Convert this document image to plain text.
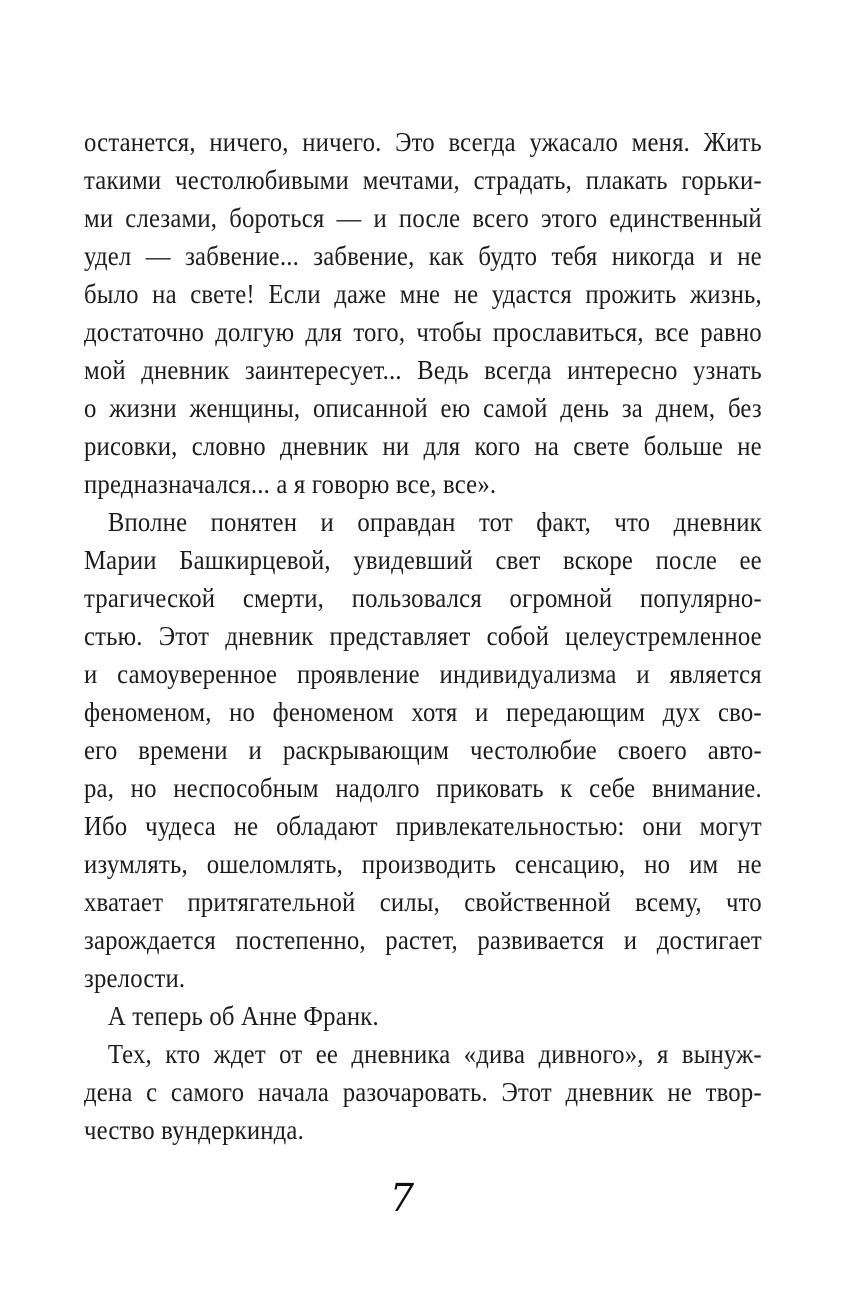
останется, ничего, ничего. Это всегда ужасало меня. Жить
такими честолюбивыми мечтами, страдать, плакать горьки-
ми слезами, бороться — и после всего этого единственный
удел — забвение... забвение, как будто тебя никогда и не
было на свете! Если даже мне не удастся прожить жизнь,
достаточно долгую для того, чтобы прославиться, все равно
мой дневник заинтересует... Ведь всегда интересно узнать
о жизни женщины, описанной ею самой день за днем, без
рисовки, словно дневник ни для кого на свете больше не
предназначался... а я говорю все, все».
Вполне понятен и оправдан тот факт, что дневник
Марии Башкирцевой, увидевший свет вскоре после ее
трагической смерти, пользовался огромной популярно-
стью. Этот дневник представляет собой целеустремленное
и самоуверенное проявление индивидуализма и является
феноменом, но феноменом хотя и передающим дух сво-
его времени и раскрывающим честолюбие своего авто-
ра, но неспособным надолго приковать к себе внимание.
Ибо чудеса не обладают привлекательностью: они могут
изумлять, ошеломлять, производить сенсацию, но им не
хватает притягательной силы, свойственной всему, что
зарождается постепенно, растет, развивается и достигает
зрелости.
А теперь об Анне Франк.
Тех, кто ждет от ее дневника «дива дивного», я вынуж-
дена с самого начала разочаровать. Этот дневник не твор-
чество вундеркинда.
7
